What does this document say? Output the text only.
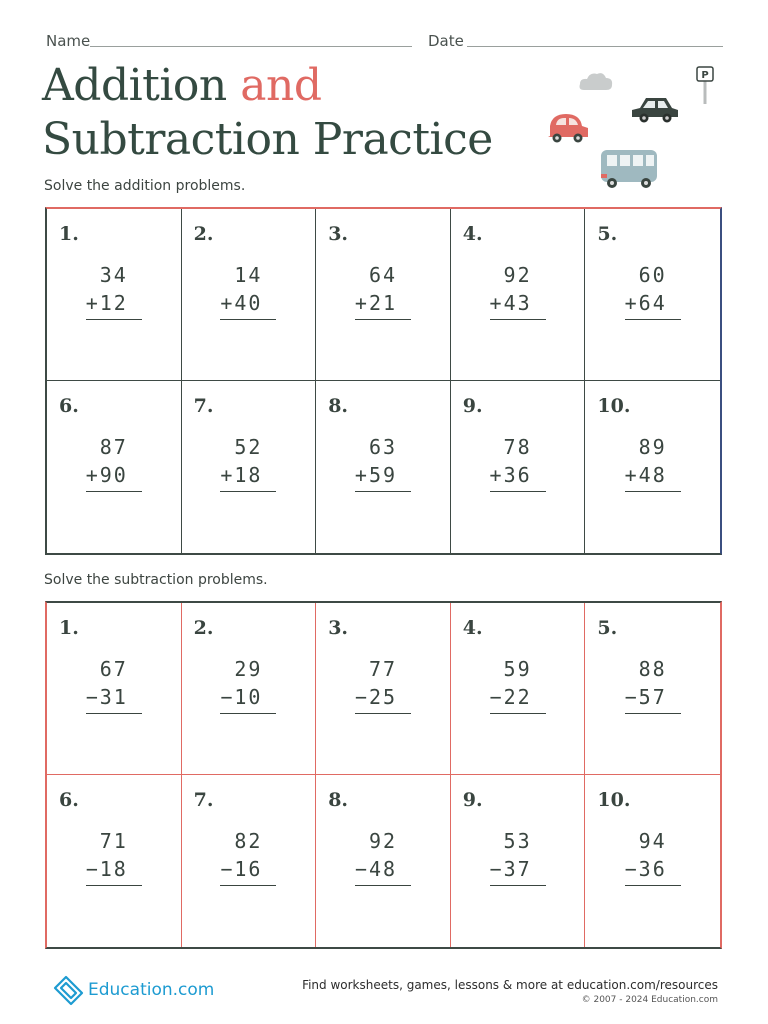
Name	Date
Addition and
Subtraction Practice
P
Solve the addition problems.
1.
34
+12
2.
14
+40
3.
64
+21
4.
92
+43
5.
60
+64
6.
87
+90
7.
52
+18
8.
63
+59
9.
78
+36
10.
89
+48
Solve the subtraction problems.
1.
67
−31
2.
29
−10
3.
77
−25
4.
59
−22
5.
88
−57
6.
71
−18
7.
82
−16
8.
92
−48
9.
53
−37
10.
94
−36
Education.com	Find worksheets, games, lessons & more at education.com/resources
© 2007 - 2024 Education.com
